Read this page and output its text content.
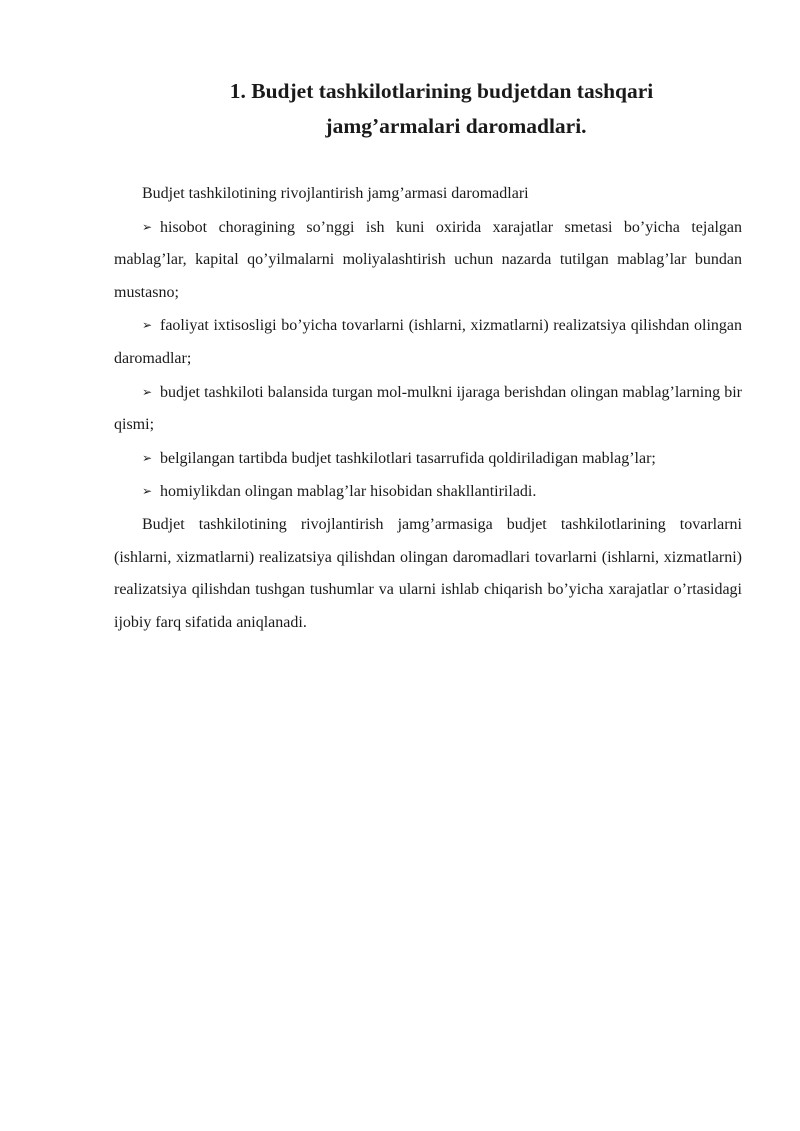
1. Budjet tashkilotlarining budjetdan tashqari
jamg’armalari daromadlari.

Budjet tashkilotining rivojlantirish jamg’armasi daromadlari

➢ hisobot choragining so’nggi ish kuni oxirida xarajatlar smetasi bo’yicha tejalgan mablag’lar, kapital qo’yilmalarni moliyalashtirish uchun nazarda tutilgan mablag’lar bundan mustasno;

➢ faoliyat ixtisosligi bo’yicha tovarlarni (ishlarni, xizmatlarni) realizatsiya qilishdan olingan daromadlar;

➢ budjet tashkiloti balansida turgan mol-mulkni ijaraga berishdan olingan mablag’larning bir qismi;

➢ belgilangan tartibda budjet tashkilotlari tasarrufida qoldiriladigan mablag’lar;

➢ homiylikdan olingan mablag’lar hisobidan shakllantiriladi.

Budjet tashkilotining rivojlantirish jamg’armasiga budjet tashkilotlarining tovarlarni (ishlarni, xizmatlarni) realizatsiya qilishdan olingan daromadlari tovarlarni (ishlarni, xizmatlarni) realizatsiya qilishdan tushgan tushumlar va ularni ishlab chiqarish bo’yicha xarajatlar o’rtasidagi ijobiy farq sifatida aniqlanadi.
